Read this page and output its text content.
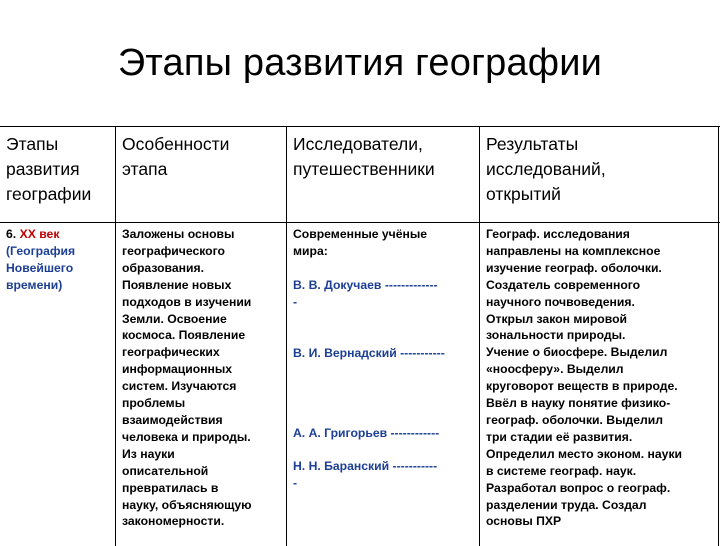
Этапы развития географии
Этапы
развития
географии
Особенности
этапа
Исследователи,
путешественники
Результаты
исследований,
открытий
6. XX век
(География
Новейшего
времени)
Заложены основы
географического
образования.
Появление новых
подходов в изучении
Земли. Освоение
космоса. Появление
географических
информационных
систем. Изучаются
проблемы
взаимодействия
человека и природы.
Из науки
описательной
превратилась в
науку, объясняющую
закономерности.
Современные учёные
мира:
В. В. Докучаев -------------
-
В. И. Вернадский -----------
А. А. Григорьев ------------
Н. Н. Баранский -----------
-
Географ. исследования
направлены на комплексное
изучение географ. оболочки.
Создатель современного
научного почвоведения.
Открыл закон мировой
зональности природы.
Учение о биосфере. Выделил
«ноосферу». Выделил
круговорот веществ в природе.
Ввёл в науку понятие физико-
географ. оболочки. Выделил
три стадии её развития.
Определил место эконом. науки
в системе географ. наук.
Разработал вопрос о географ.
разделении труда. Создал
основы ПХР
